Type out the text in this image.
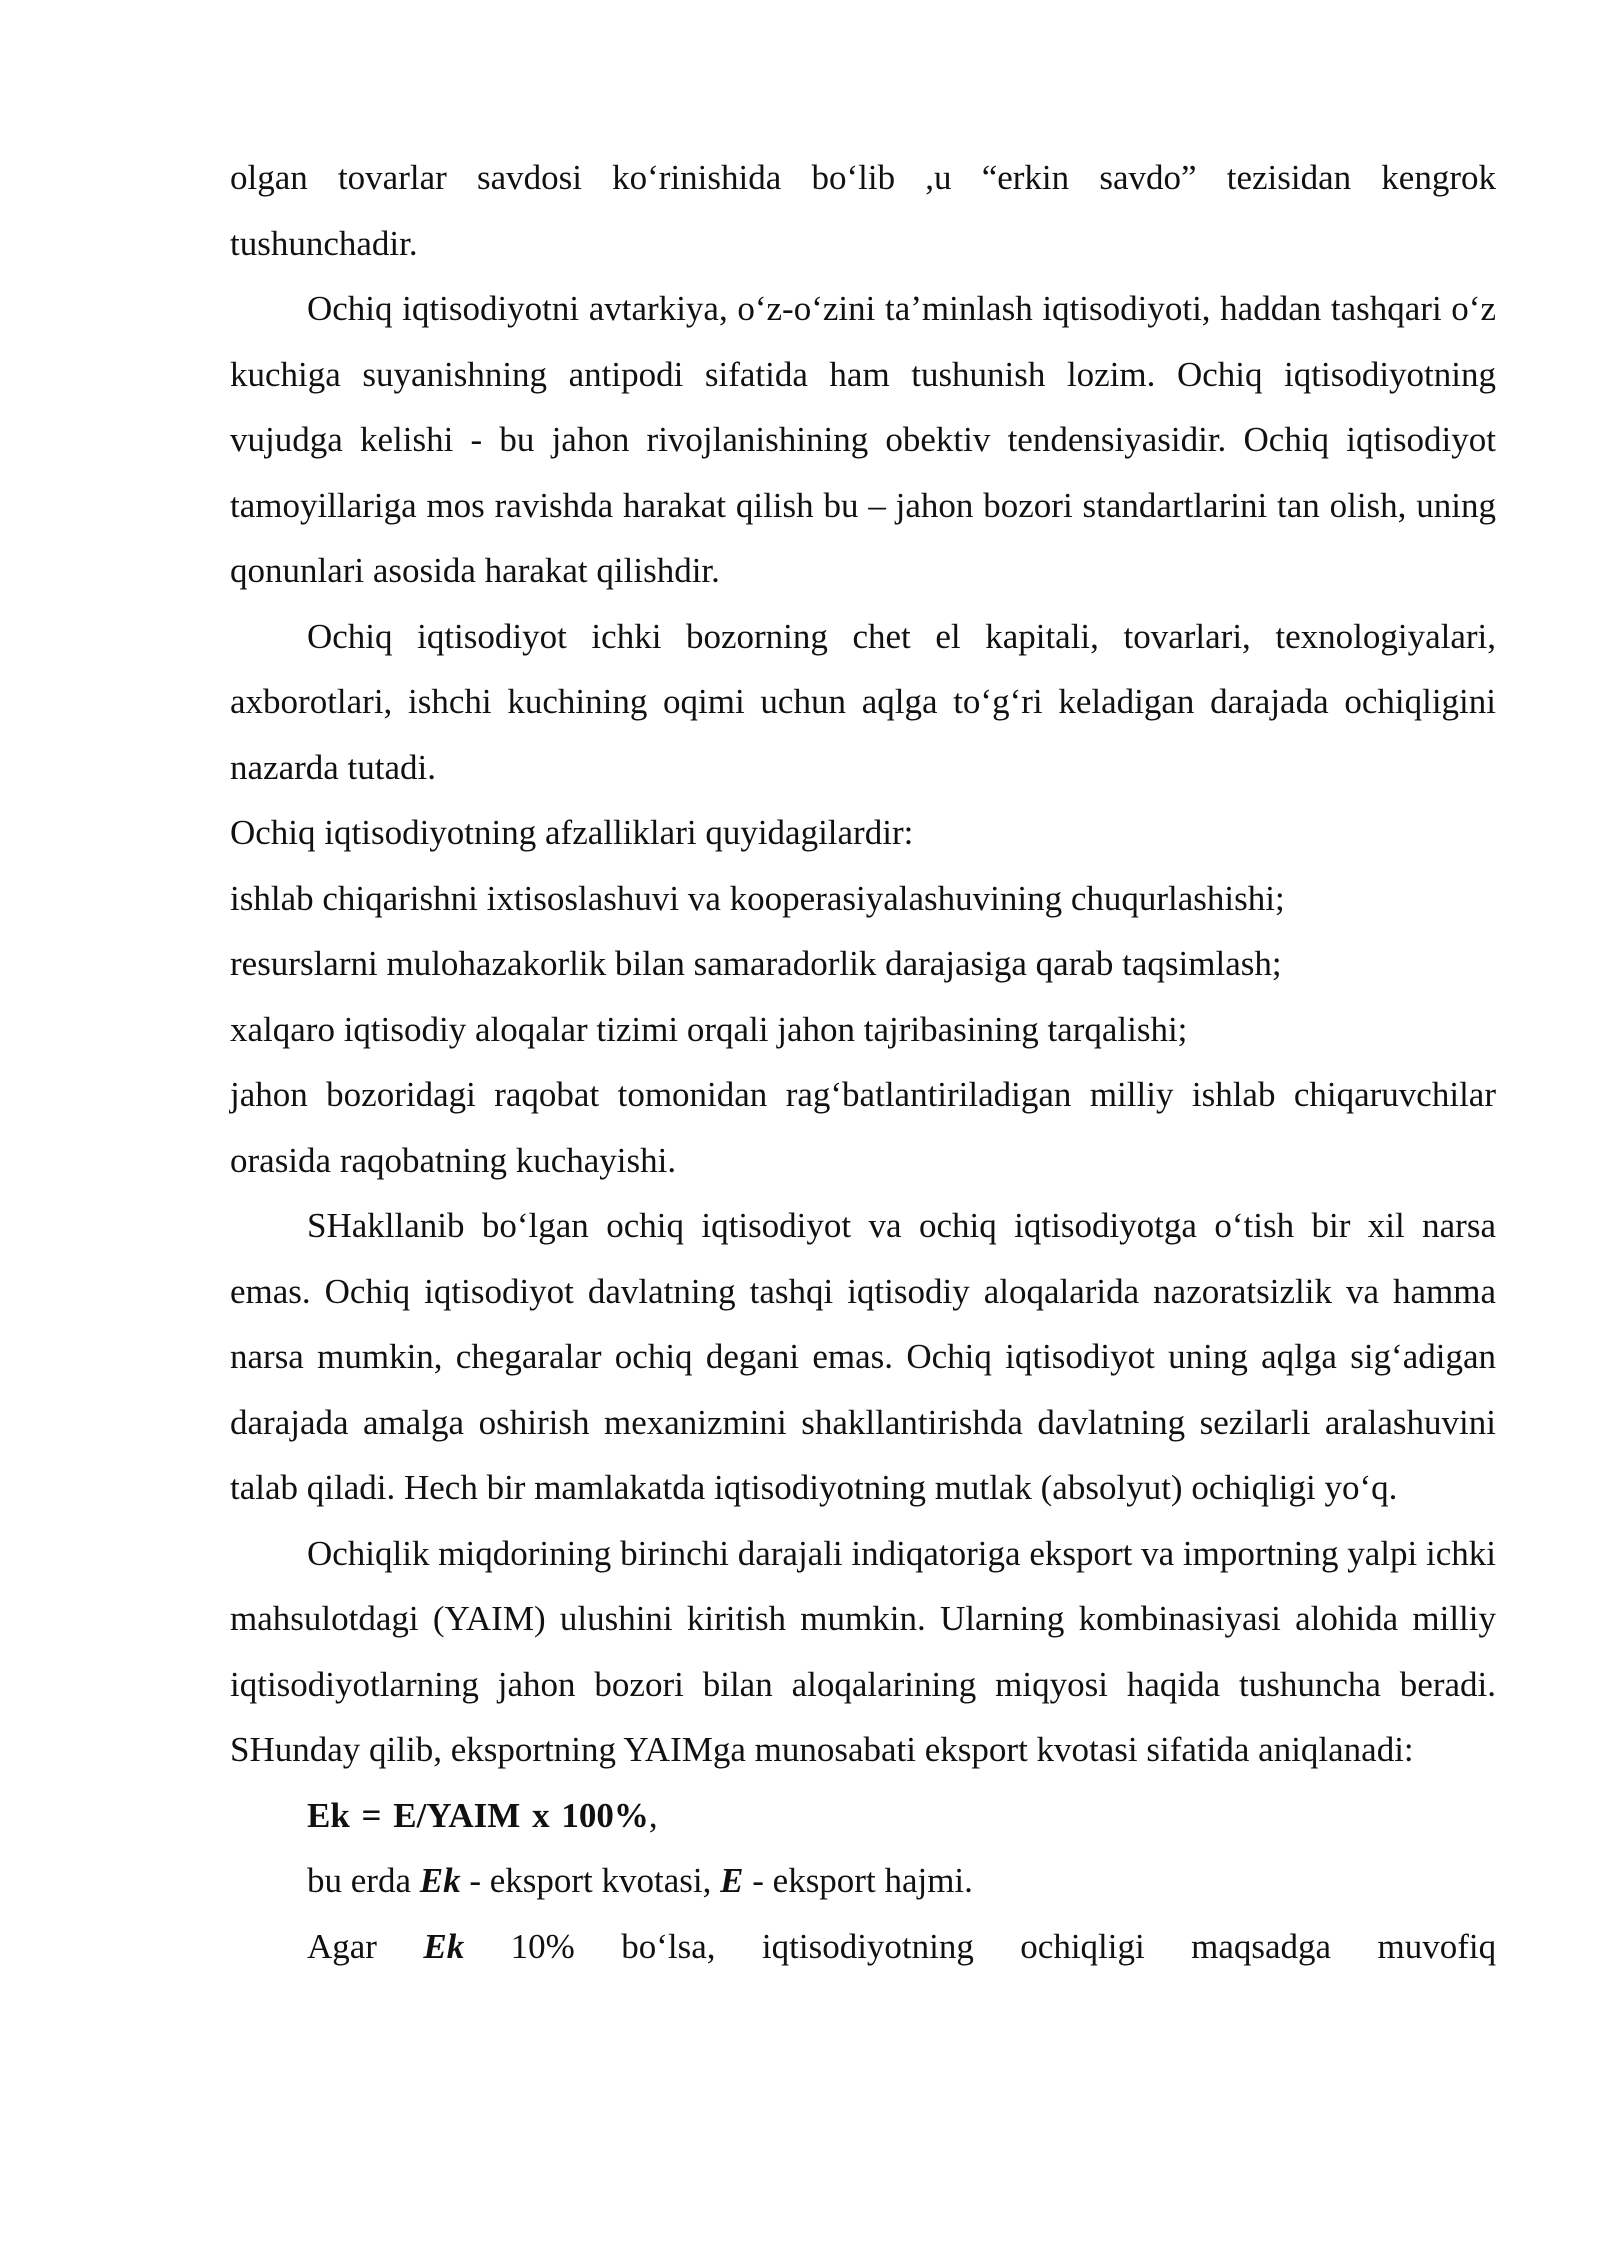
olgan tovarlar savdosi koʻrinishida boʻlib ,u “erkin savdo” tezisidan kengrok tushunchadir.

Ochiq iqtisodiyotni avtarkiya, oʻz-oʻzini taʼminlash iqtisodiyoti, haddan tashqari oʻz kuchiga suyanishning antipodi sifatida ham tushunish lozim. Ochiq iqtisodiyotning vujudga kelishi - bu jahon rivojlanishining obektiv tendensiyasidir. Ochiq iqtisodiyot tamoyillariga mos ravishda harakat qilish bu – jahon bozori standartlarini tan olish, uning qonunlari asosida harakat qilishdir.

Ochiq iqtisodiyot ichki bozorning chet el kapitali, tovarlari, texnologiyalari, axborotlari, ishchi kuchining oqimi uchun aqlga toʻgʻri keladigan darajada ochiqligini nazarda tutadi.

Ochiq iqtisodiyotning afzalliklari quyidagilardir:

ishlab chiqarishni ixtisoslashuvi va kooperasiyalashuvining chuqurlashishi;

resurslarni mulohazakorlik bilan samaradorlik darajasiga qarab taqsimlash;

xalqaro iqtisodiy aloqalar tizimi orqali jahon tajribasining tarqalishi;

jahon bozoridagi raqobat tomonidan ragʻbatlantiriladigan milliy ishlab chiqaruvchilar orasida raqobatning kuchayishi.

SHakllanib boʻlgan ochiq iqtisodiyot va ochiq iqtisodiyotga oʻtish bir xil narsa emas. Ochiq iqtisodiyot davlatning tashqi iqtisodiy aloqalarida nazoratsizlik va hamma narsa mumkin, chegaralar ochiq degani emas. Ochiq iqtisodiyot uning aqlga sigʻadigan darajada amalga oshirish mexanizmini shakllantirishda davlatning sezilarli aralashuvini talab qiladi. Hech bir mamlakatda iqtisodiyotning mutlak (absolyut) ochiqligi yoʻq.

Ochiqlik miqdorining birinchi darajali indiqatoriga eksport va importning yalpi ichki mahsulotdagi (YAIM) ulushini kiritish mumkin. Ularning kombinasiyasi alohida milliy iqtisodiyotlarning jahon bozori bilan aloqalarining miqyosi haqida tushuncha beradi. SHunday qilib, eksportning YAIMga munosabati eksport kvotasi sifatida aniqlanadi:

Ek = E/YAIM x 100%,

bu erda Ek - eksport kvotasi, E - eksport hajmi.

Agar Ek 10% boʻlsa, iqtisodiyotning ochiqligi maqsadga muvofiq
